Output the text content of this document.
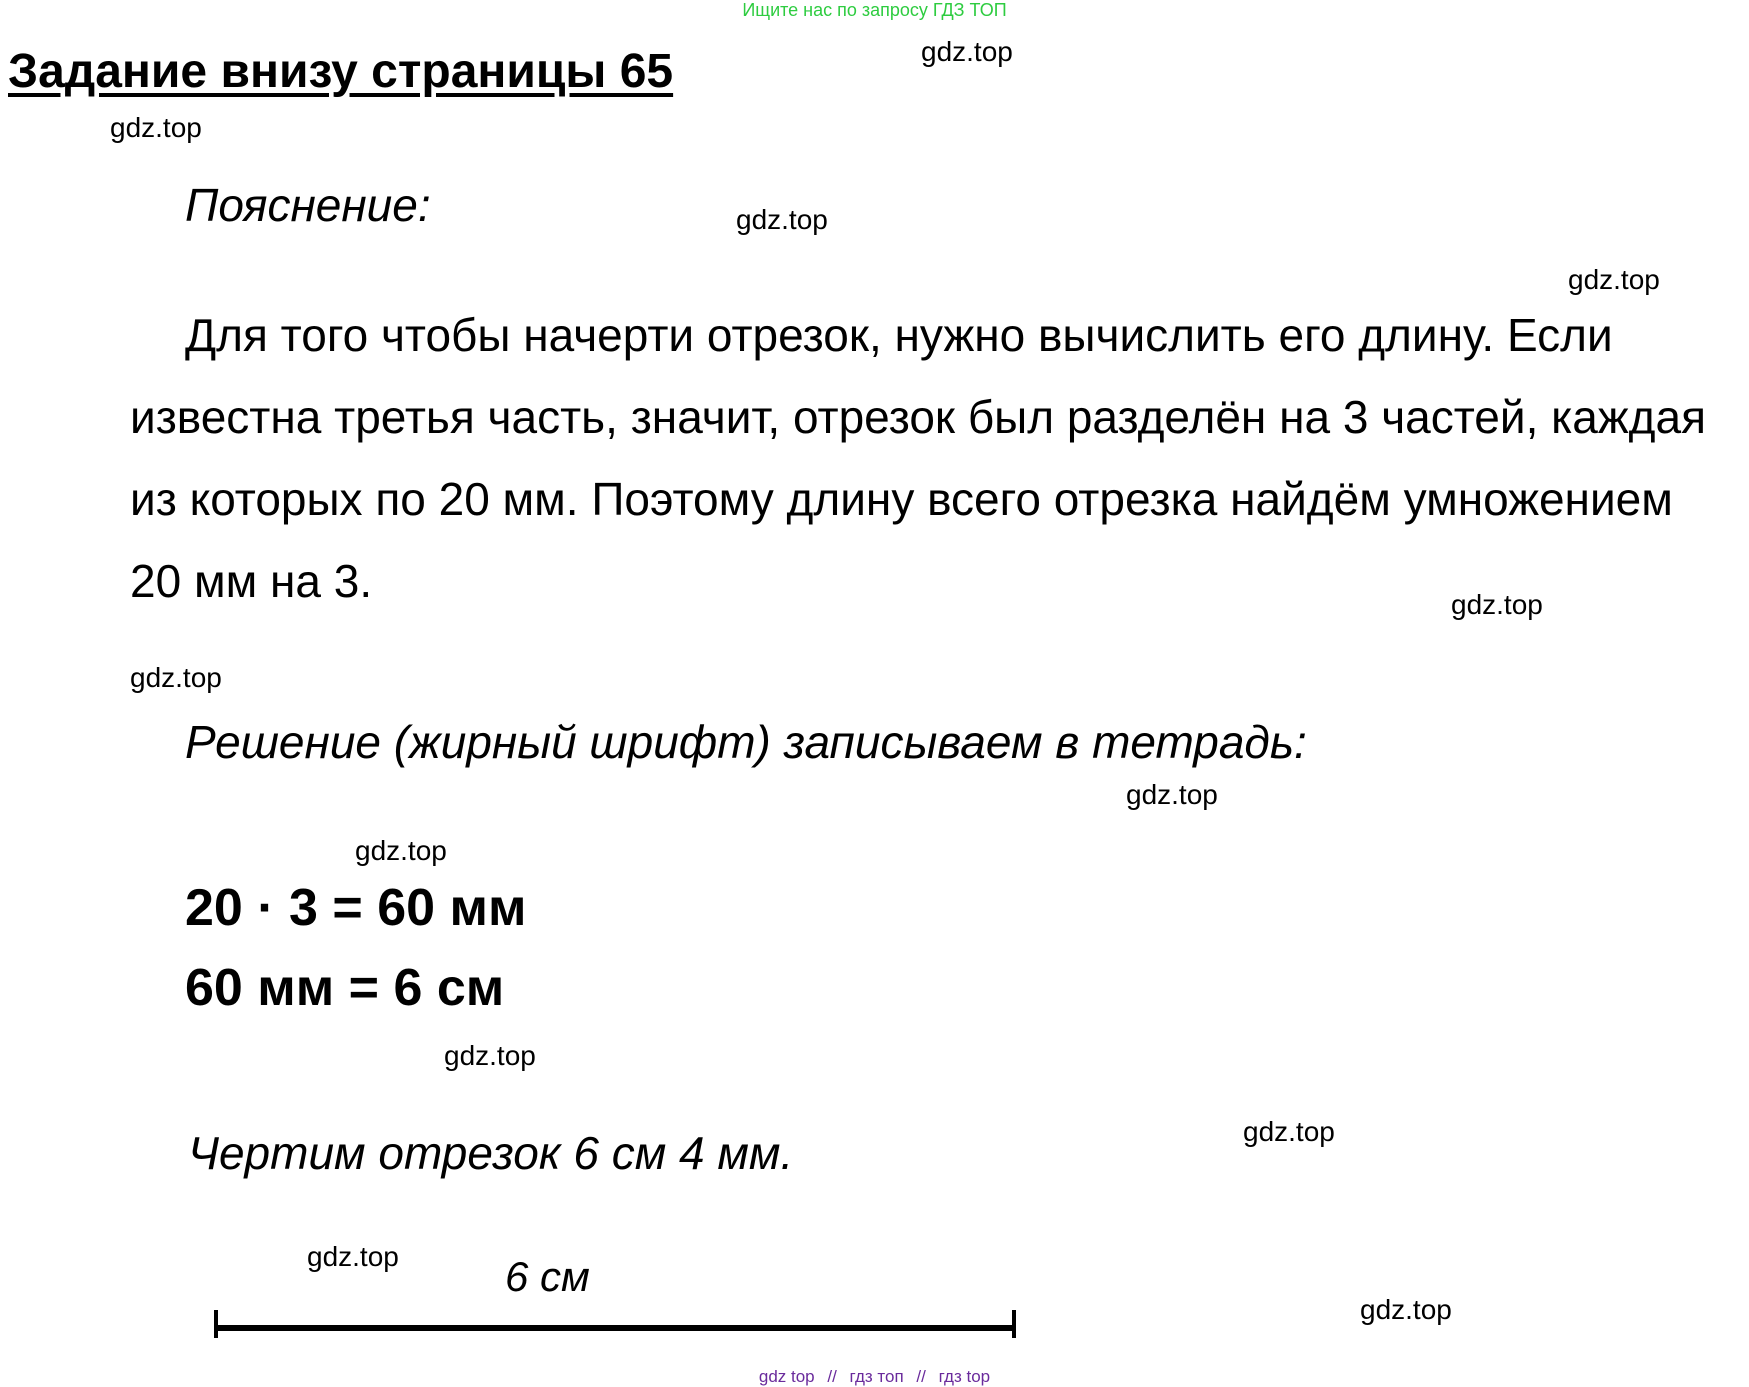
Ищите нас по запросу ГДЗ ТОП
Задание внизу страницы 65
Пояснение:
Для того чтобы начерти отрезок, нужно вычислить его длину. Если известна третья часть, значит, отрезок был разделён на 3 частей, каждая из которых по 20 мм. Поэтому длину всего отрезка найдём умножением 20 мм на 3.
Решение (жирный шрифт) записываем в тетрадь:
20 · 3 = 60 мм
60 мм = 6 см
Чертим отрезок 6 см 4 мм.
6 см
gdz.top
gdz.top
gdz.top
gdz.top
gdz.top
gdz.top
gdz.top
gdz.top
gdz.top
gdz.top
gdz.top
gdz.top
gdz top // гдз топ // гдз top
